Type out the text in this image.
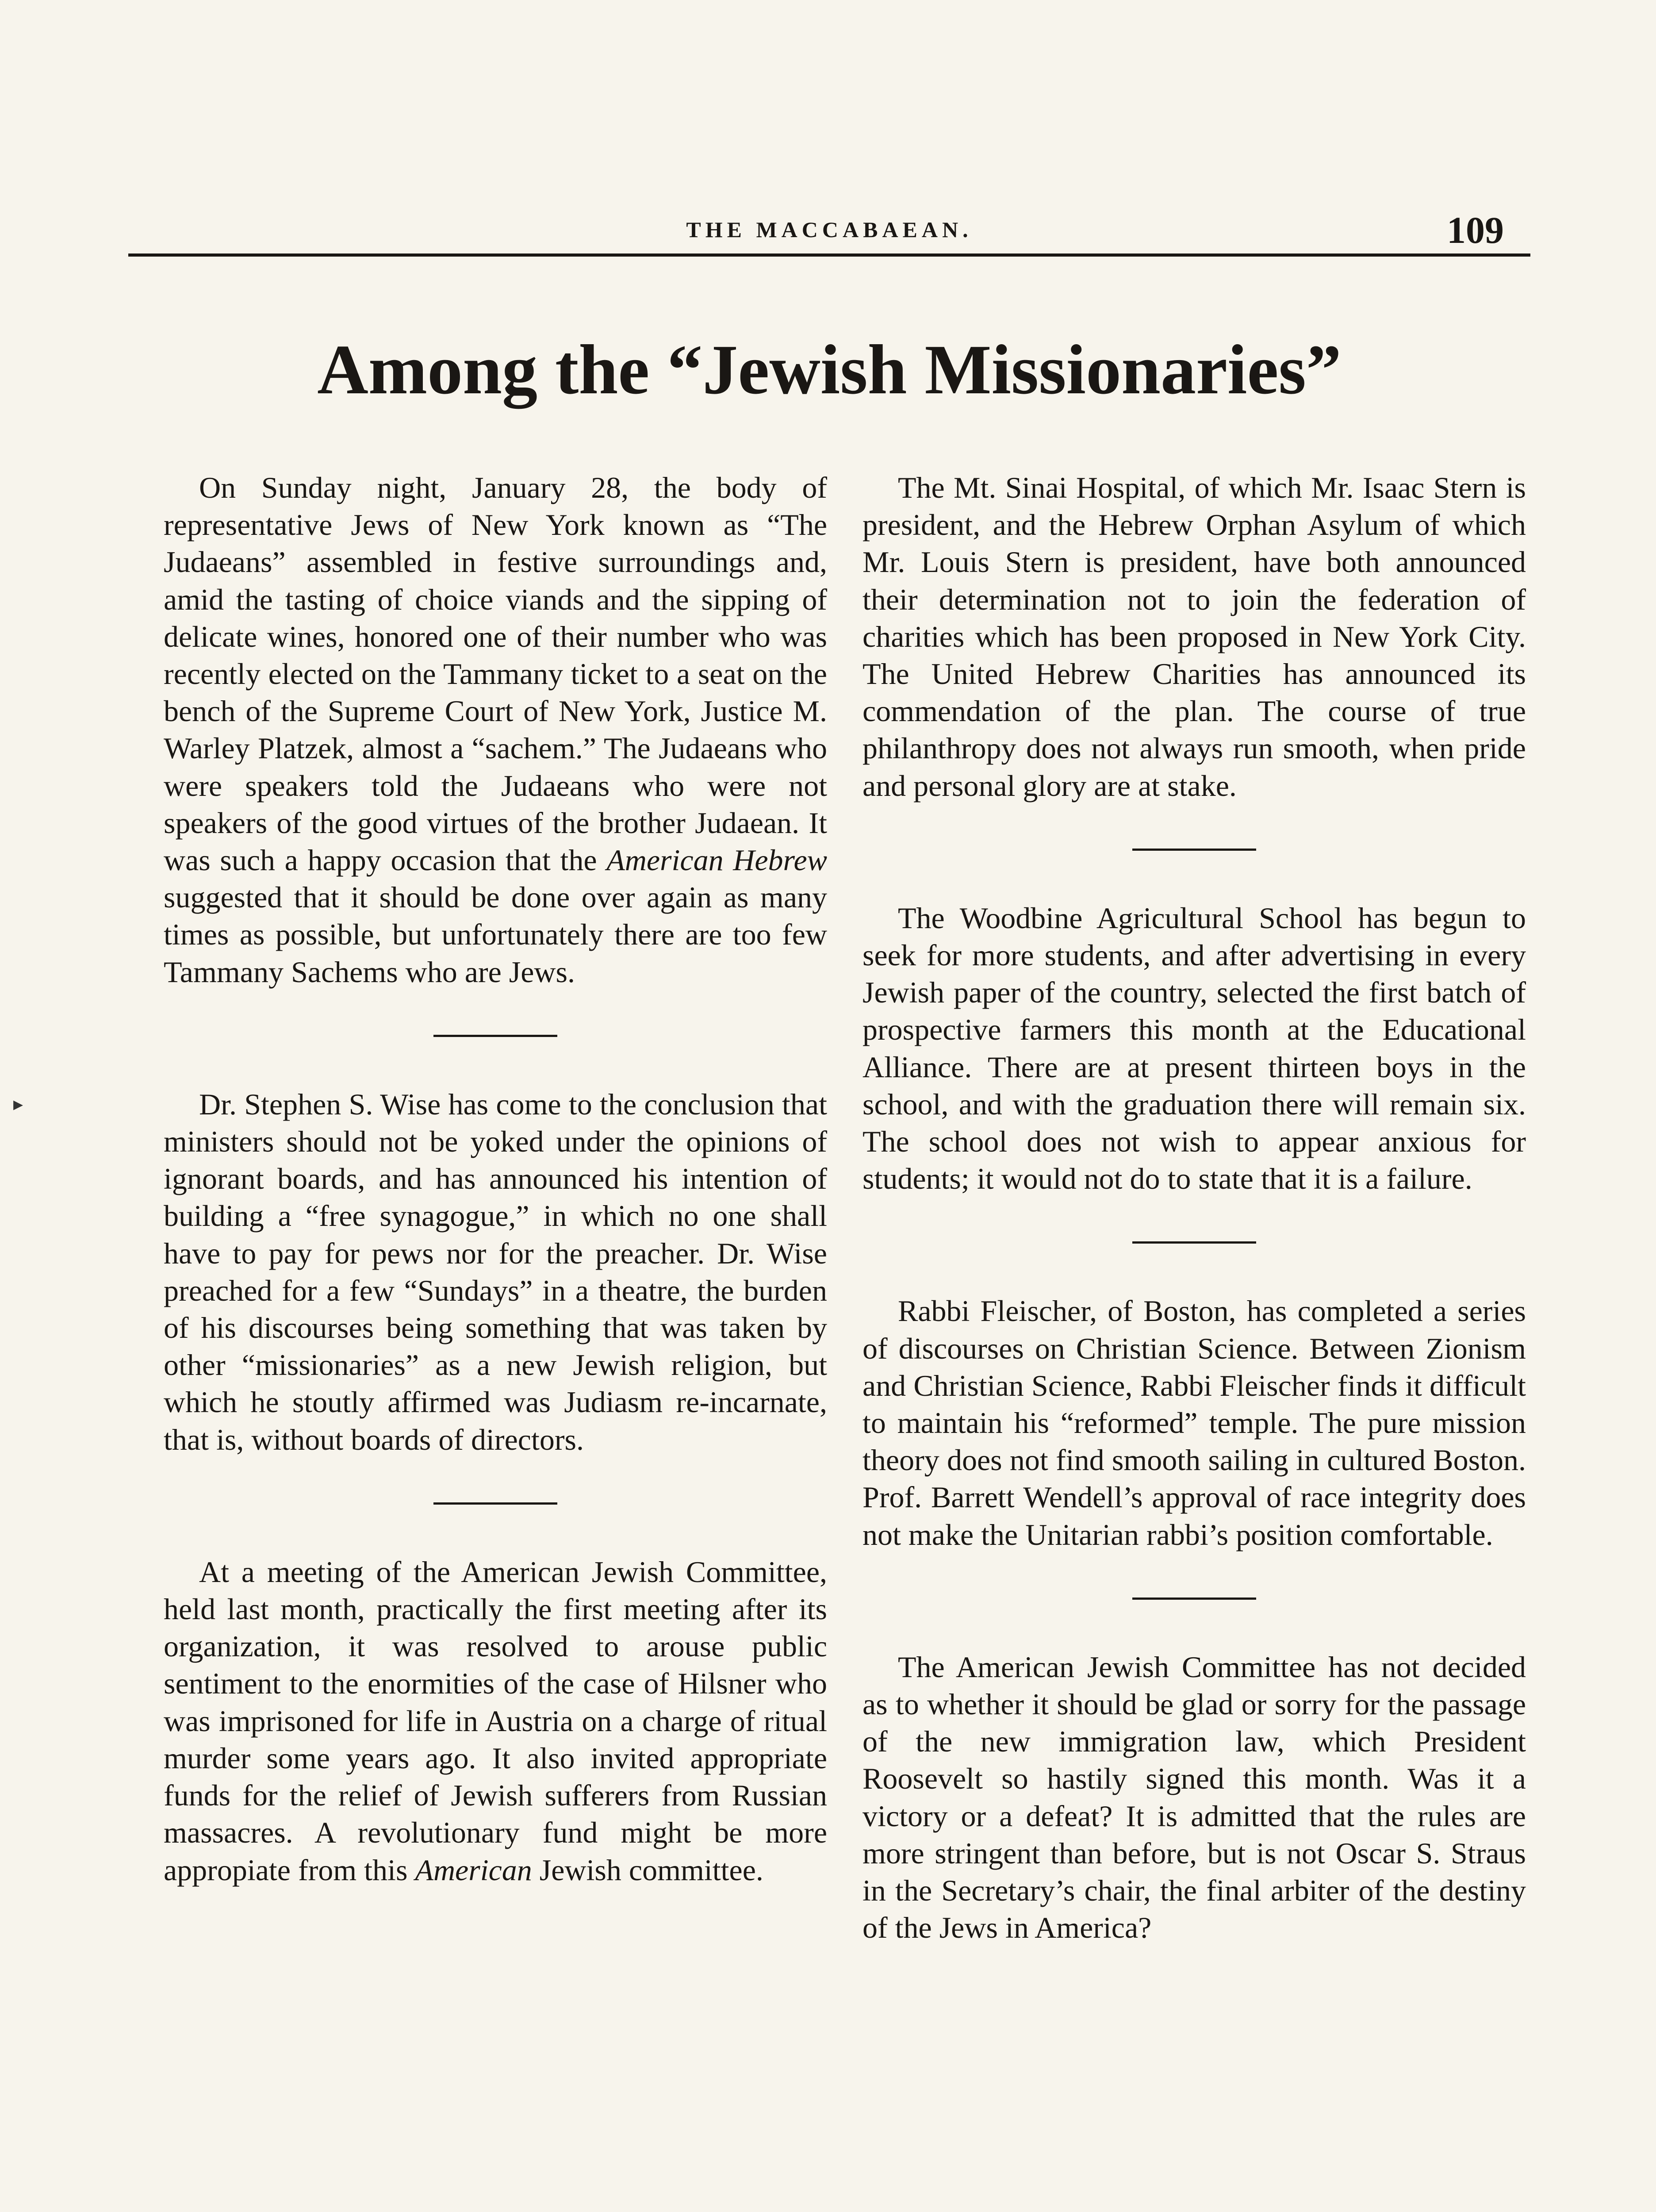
THE MACCABAEAN.	109
Among the “Jewish Missionaries”

On Sunday night, January 28, the body of representative Jews of New York known as “The Judaeans” assembled in festive surroundings and, amid the tasting of choice viands and the sipping of delicate wines, honored one of their number who was recently elected on the Tammany ticket to a seat on the bench of the Supreme Court of New York, Justice M. Warley Platzek, almost a “sachem.” The Judaeans who were speakers told the Judaeans who were not speakers of the good virtues of the brother Judaean. It was such a happy occasion that the American Hebrew suggested that it should be done over again as many times as possible, but unfortunately there are too few Tammany Sachems who are Jews.

Dr. Stephen S. Wise has come to the conclusion that ministers should not be yoked under the opinions of ignorant boards, and has announced his intention of building a “free synagogue,” in which no one shall have to pay for pews nor for the preacher. Dr. Wise preached for a few “Sundays” in a theatre, the burden of his discourses being something that was taken by other “missionaries” as a new Jewish religion, but which he stoutly affirmed was Judiasm re-incarnate, that is, without boards of directors.

At a meeting of the American Jewish Committee, held last month, practically the first meeting after its organization, it was resolved to arouse public sentiment to the enormities of the case of Hilsner who was imprisoned for life in Austria on a charge of ritual murder some years ago. It also invited appropriate funds for the relief of Jewish sufferers from Russian massacres. A revolutionary fund might be more appropiate from this American Jewish committee.

The Mt. Sinai Hospital, of which Mr. Isaac Stern is president, and the Hebrew Orphan Asylum of which Mr. Louis Stern is president, have both announced their determination not to join the federation of charities which has been proposed in New York City. The United Hebrew Charities has announced its commendation of the plan. The course of true philanthropy does not always run smooth, when pride and personal glory are at stake.

The Woodbine Agricultural School has begun to seek for more students, and after advertising in every Jewish paper of the country, selected the first batch of prospective farmers this month at the Educational Alliance. There are at present thirteen boys in the school, and with the graduation there will remain six. The school does not wish to appear anxious for students; it would not do to state that it is a failure.

Rabbi Fleischer, of Boston, has completed a series of discourses on Christian Science. Between Zionism and Christian Science, Rabbi Fleischer finds it difficult to maintain his “reformed” temple. The pure mission theory does not find smooth sailing in cultured Boston. Prof. Barrett Wendell’s approval of race integrity does not make the Unitarian rabbi’s position comfortable.

The American Jewish Committee has not decided as to whether it should be glad or sorry for the passage of the new immigration law, which President Roosevelt so hastily signed this month. Was it a victory or a defeat? It is admitted that the rules are more stringent than before, but is not Oscar S. Straus in the Secretary’s chair, the final arbiter of the destiny of the Jews in America?

▸
